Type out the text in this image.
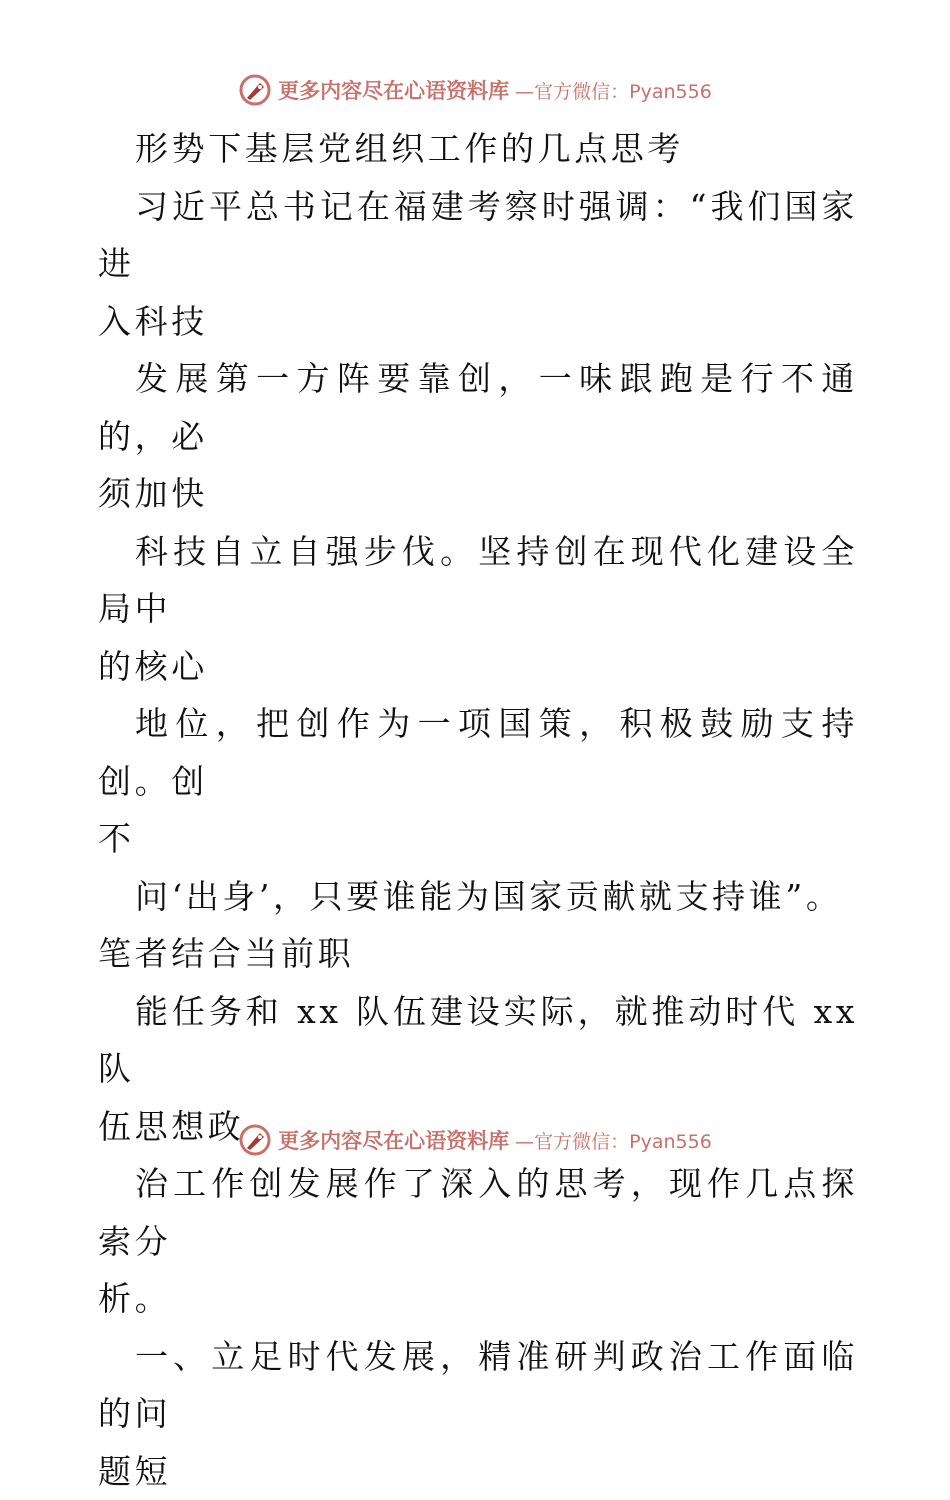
更多内容尽在心语资料库 —官方微信：Pyan556
形势下基层党组织工作的几点思考
习近平总书记在福建考察时强调：“我们国家进
入科技
发展第一方阵要靠创，一味跟跑是行不通的，必
须加快
科技自立自强步伐。坚持创在现代化建设全局中
的核心
地位，把创作为一项国策，积极鼓励支持创。创
不
问‘出身’，只要谁能为国家贡献就支持谁”。
笔者结合当前职
能任务和 xx 队伍建设实际，就推动时代 xx 队
伍思想政
治工作创发展作了深入的思考，现作几点探索分
析。
一、立足时代发展，精准研判政治工作面临的问
题短
更多内容尽在心语资料库 —官方微信：Pyan556
